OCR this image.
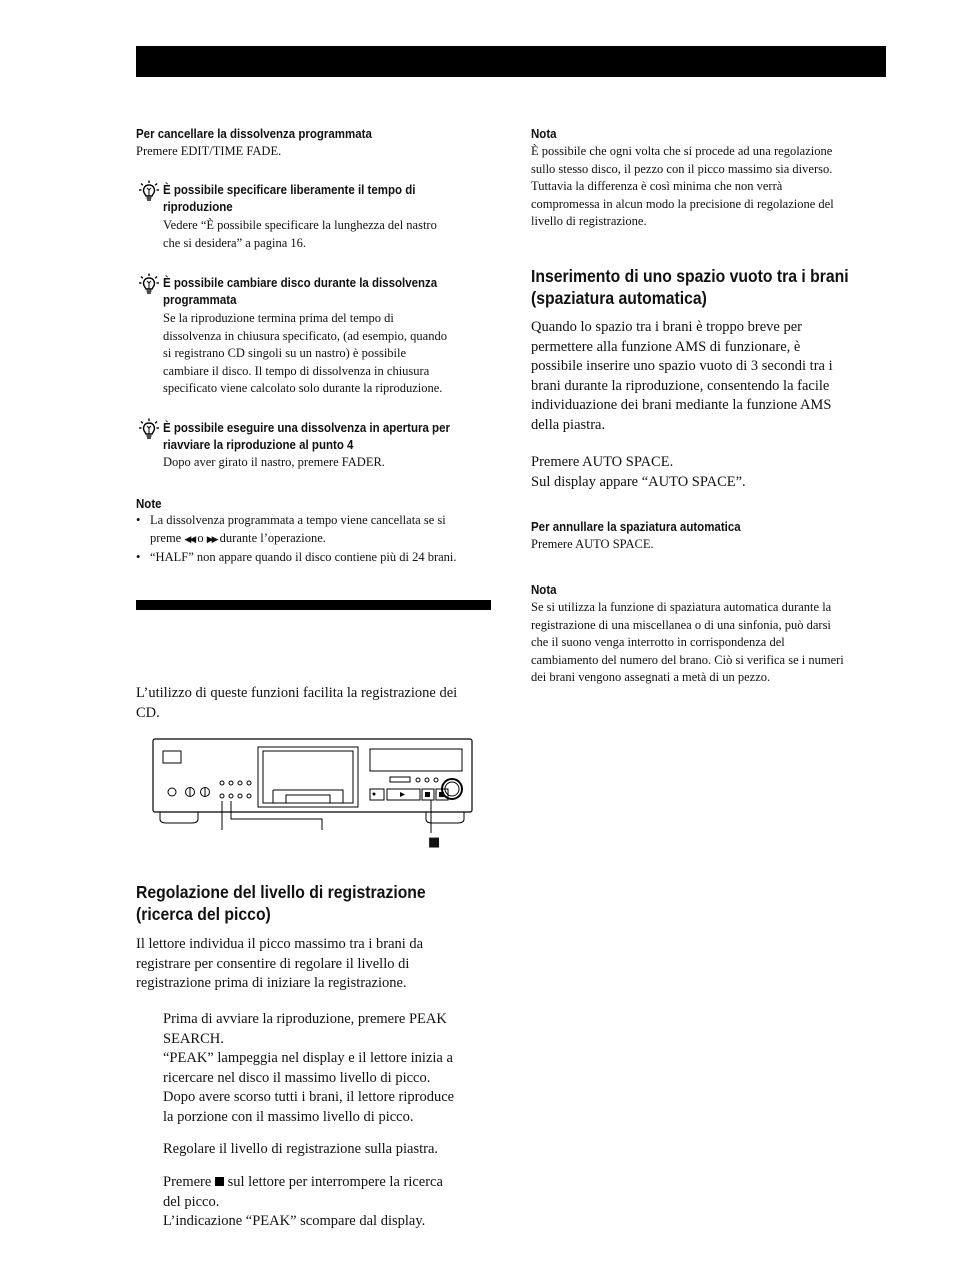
Per cancellare la dissolvenza programmata
Premere EDIT/TIME FADE.
È possibile specificare liberamente il tempo di
riproduzione
Vedere “È possibile specificare la lunghezza del nastro
che si desidera” a pagina 16.
È possibile cambiare disco durante la dissolvenza
programmata
Se la riproduzione termina prima del tempo di
dissolvenza in chiusura specificato, (ad esempio, quando
si registrano CD singoli su un nastro) è possibile
cambiare il disco. Il tempo di dissolvenza in chiusura
specificato viene calcolato solo durante la riproduzione.
È possibile eseguire una dissolvenza in apertura per
riavviare la riproduzione al punto 4
Dopo aver girato il nastro, premere FADER.
Note
• La dissolvenza programmata a tempo viene cancellata se si
preme ◀◀ o ▶▶ durante l’operazione.
• “HALF” non appare quando il disco contiene più di 24 brani.
L’utilizzo di queste funzioni facilita la registrazione dei
CD.
■
Regolazione del livello di registrazione
(ricerca del picco)
Il lettore individua il picco massimo tra i brani da
registrare per consentire di regolare il livello di
registrazione prima di iniziare la registrazione.
Prima di avviare la riproduzione, premere PEAK
SEARCH.
“PEAK” lampeggia nel display e il lettore inizia a
ricercare nel disco il massimo livello di picco.
Dopo avere scorso tutti i brani, il lettore riproduce
la porzione con il massimo livello di picco.
Regolare il livello di registrazione sulla piastra.
Premere  sul lettore per interrompere la ricerca
del picco.
L’indicazione “PEAK” scompare dal display.
Nota
È possibile che ogni volta che si procede ad una regolazione
sullo stesso disco, il pezzo con il picco massimo sia diverso.
Tuttavia la differenza è così minima che non verrà
compromessa in alcun modo la precisione di regolazione del
livello di registrazione.
Inserimento di uno spazio vuoto tra i brani
(spaziatura automatica)
Quando lo spazio tra i brani è troppo breve per
permettere alla funzione AMS di funzionare, è
possibile inserire uno spazio vuoto di 3 secondi tra i
brani durante la riproduzione, consentendo la facile
individuazione dei brani mediante la funzione AMS
della piastra.
Premere AUTO SPACE.
Sul display appare “AUTO SPACE”.
Per annullare la spaziatura automatica
Premere AUTO SPACE.
Nota
Se si utilizza la funzione di spaziatura automatica durante la
registrazione di una miscellanea o di una sinfonia, può darsi
che il suono venga interrotto in corrispondenza del
cambiamento del numero del brano. Ciò si verifica se i numeri
dei brani vengono assegnati a metà di un pezzo.
